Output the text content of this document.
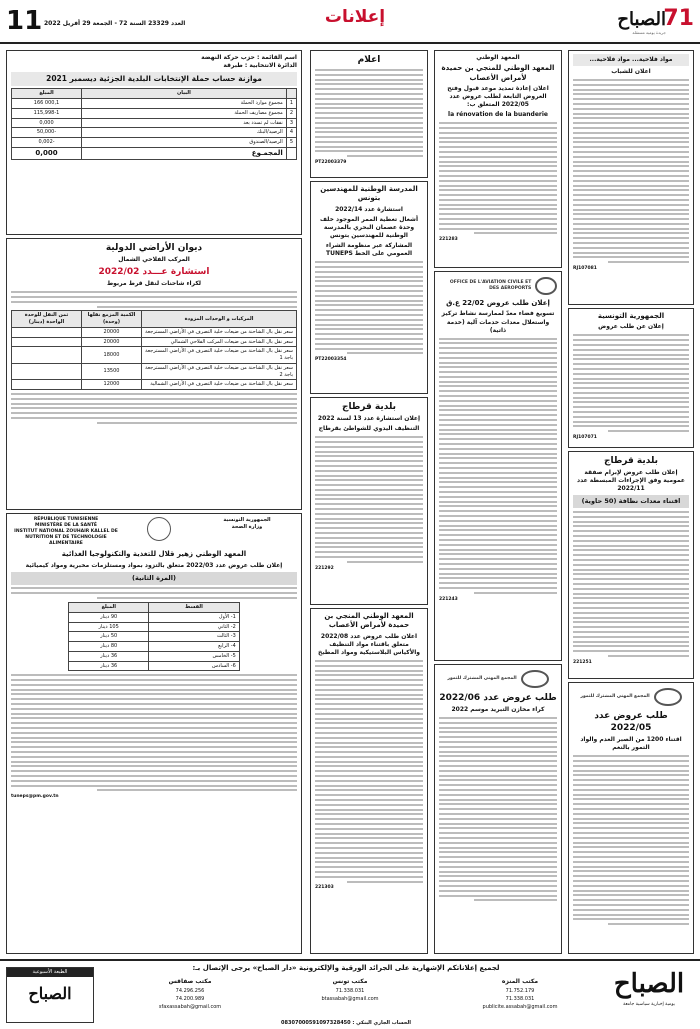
11 العدد 23329 السنة 72 - الجمعة 29 أفريل 2022	إعلانات	71
الصباح
جريدة يومية مستقلة
مواد فلاحية... مواد فلاحية...
اعلان للشباب
RJ107081
الجمهورية التونسية
إعلان عن طلب عروض
RJ107071
بلدية قرطاج
إعلان طلب عروض لإبرام صفقة عمومية وفق الإجراءات المبسطة عدد 2022/11
اقتناء معدات نظافة (50 حاوية)
221251
المجمع المهني المشترك للتمور
طلب عروض عدد 2022/05
اقتناء 1200 من الصبر العدم والواد التمور بالنغم
المعهد الوطني
المعهد الوطني للمنجي بن حميدة لأمراض الأعصاب
اعلان إعادة تمديد موعد قبول وفتح العروض التابعة لطلب عروض عدد 2022/05 المتعلق ب:
la rénovation de la buanderie
221283
OFFICE DE L'AVIATION CIVILE ET DES AEROPORTS
إعلان طلب عروض 22/02 ع.ق
تسويغ فضاء معدّ لممارسة نشاط تركيز واستغلال معدات خدمات آلية (خدمة ذاتية)
221243
المجمع المهني المشترك للتمور
طلب عروض عدد 2022/06
كراء مخازن التبريد موسم 2022
اعلام
PT22003379
المدرسة الوطنية للمهندسين بتونس
استشارة عدد 2022/14
أشغال تغطية الممر الموجود خلف وحدة عصمان البحري بالمدرسة الوطنية للمهندسين بتونس
المشاركة عبر منظومة الشراء العمومي على الخط TUNEPS
PT22003354
بلدية قرطاج
إعلان استشارة عدد 13 لسنة 2022
التنظيف اليدوي للشواطئ بقرطاج
221292
المعهد الوطني المنجي بن حميدة لأمراض الأعصاب
اعلان طلب عروض عدد 2022/08 متعلق باقتناء مواد التنظيف والأكياس البلاستيكية ومواد المطبخ
221303
اسم القائمة : حزب حركة النهضة
الدائرة الانتخابية : طبرقة
موازنة حساب حملة الإنتخابات البلدية الجزئية ديسمبر 2021
	البيان	المبلغ
1	مجموع موارد الحملة	166 000,1
2	مجموع مصاريف الحملة	115,998-1
3	نفقات لم تسدد بعد	0,000
4	الرصيد/البنك	50,000-
5	الرصيد/الصندوق	0,002-
	المجمـوع	0,000
ديوان الأراضي الدولية
المركب الفلاحي الشمال
استشارة عـــدد 2022/02
لكراء شاحنات لنقل قرط مربوط
المركبات و الوحدات المزودة	الكمية المزمع نقلها (وحدة)	ثمن النقل للوحدة الواحدة (دينار)
سعر نقل بال الشاحنة من ضيعات خلية التصرف في الأراضي المسترجعة	20000	
سعر نقل بال الشاحنة من ضيعات المركب الفلاحي الشمالي	20000	
سعر نقل بال الشاحنة من ضيعات خلية التصرف في الأراضي المسترجعة باجة 1	18000	
سعر نقل بال الشاحنة من ضيعات خلية التصرف في الأراضي المسترجعة باجة 2	13500	
سعر نقل بال الشاحنة من ضيعات خلية التصرف في الأراضي الشمالية	12000	
الجمهورية التونسية
وزارة الصحة
RÉPUBLIQUE TUNISIENNE
MINISTÈRE DE LA SANTÉ
INSTITUT NATIONAL ZOUHAIR KALLEL DE NUTRITION ET DE TECHNOLOGIE ALIMENTAIRE
المعهد الوطني زهير قلال للتغذية والتكنولوجيا الغذائية
إعلان طلب عروض عدد 2022/03 متعلق بالتزود بمواد ومستلزمات مخبرية ومواد كيميائية
(المرة الثانية)
القسط	المبلغ
1- الأول	90 دينار
2- الثاني	105 دينار
3- الثالث	50 دينار
4- الرابع	80 دينار
5- الخامس	36 دينار
6- السادس	36 دينار
tuneps@pm.gov.tn
الصباح
يومية إخبارية سياسية جامعة
لجميع إعلاناتكم الإشهارية على الجرائد الورقية والإلكترونية «دار الصباح» يرجى الإتصال بـ:
مكتب المنزه
71.752.179
71.338.031
publicite.assabah@gmail.com
مكتب تونس
71.338.031
btassabah@gmail.com
مكتب صفاقس
74.296.256
74.200.989
sfaxassabah@gmail.com
الطبعة الأسبوعية
الصباح
08307000591097328450 : الحساب الجاري البنكي
